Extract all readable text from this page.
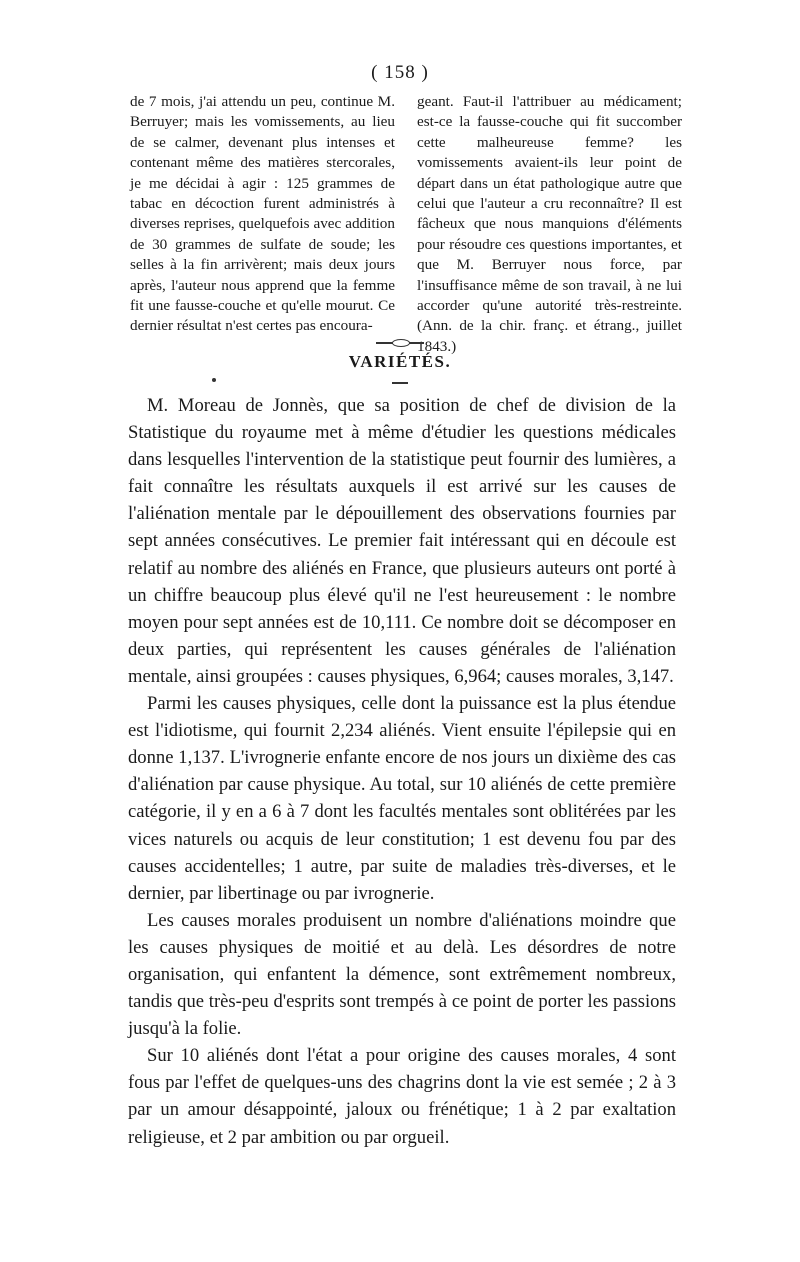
( 158 )

de 7 mois, j'ai attendu un peu, continue M. Berruyer; mais les vomissements, au lieu de se calmer, devenant plus intenses et contenant même des matières stercorales, je me décidai à agir : 125 grammes de tabac en décoction furent administrés à diverses reprises, quelquefois avec addition de 30 grammes de sulfate de soude; les selles à la fin arrivèrent; mais deux jours après, l'auteur nous apprend que la femme fit une fausse-couche et qu'elle mourut. Ce dernier résultat n'est certes pas encoura-

geant. Faut-il l'attribuer au médicament; est-ce la fausse-couche qui fit succomber cette malheureuse femme? les vomissements avaient-ils leur point de départ dans un état pathologique autre que celui que l'auteur a cru reconnaître? Il est fâcheux que nous manquions d'éléments pour résoudre ces questions importantes, et que M. Berruyer nous force, par l'insuffisance même de son travail, à ne lui accorder qu'une autorité très-restreinte. (Ann. de la chir. franç. et étrang., juillet 1843.)

VARIÉTÉS.

M. Moreau de Jonnès, que sa position de chef de division de la Statistique du royaume met à même d'étudier les questions médicales dans lesquelles l'intervention de la statistique peut fournir des lumières, a fait connaître les résultats auxquels il est arrivé sur les causes de l'aliénation mentale par le dépouillement des observations fournies par sept années consécutives. Le premier fait intéressant qui en découle est relatif au nombre des aliénés en France, que plusieurs auteurs ont porté à un chiffre beaucoup plus élevé qu'il ne l'est heureusement : le nombre moyen pour sept années est de 10,111. Ce nombre doit se décomposer en deux parties, qui représentent les causes générales de l'aliénation mentale, ainsi groupées : causes physiques, 6,964; causes morales, 3,147.

Parmi les causes physiques, celle dont la puissance est la plus étendue est l'idiotisme, qui fournit 2,234 aliénés. Vient ensuite l'épilepsie qui en donne 1,137. L'ivrognerie enfante encore de nos jours un dixième des cas d'aliénation par cause physique. Au total, sur 10 aliénés de cette première catégorie, il y en a 6 à 7 dont les facultés mentales sont oblitérées par les vices naturels ou acquis de leur constitution; 1 est devenu fou par des causes accidentelles; 1 autre, par suite de maladies très-diverses, et le dernier, par libertinage ou par ivrognerie.

Les causes morales produisent un nombre d'aliénations moindre que les causes physiques de moitié et au delà. Les désordres de notre organisation, qui enfantent la démence, sont extrêmement nombreux, tandis que très-peu d'esprits sont trempés à ce point de porter les passions jusqu'à la folie.

Sur 10 aliénés dont l'état a pour origine des causes morales, 4 sont fous par l'effet de quelques-uns des chagrins dont la vie est semée ; 2 à 3 par un amour désappointé, jaloux ou frénétique; 1 à 2 par exaltation religieuse, et 2 par ambition ou par orgueil.
